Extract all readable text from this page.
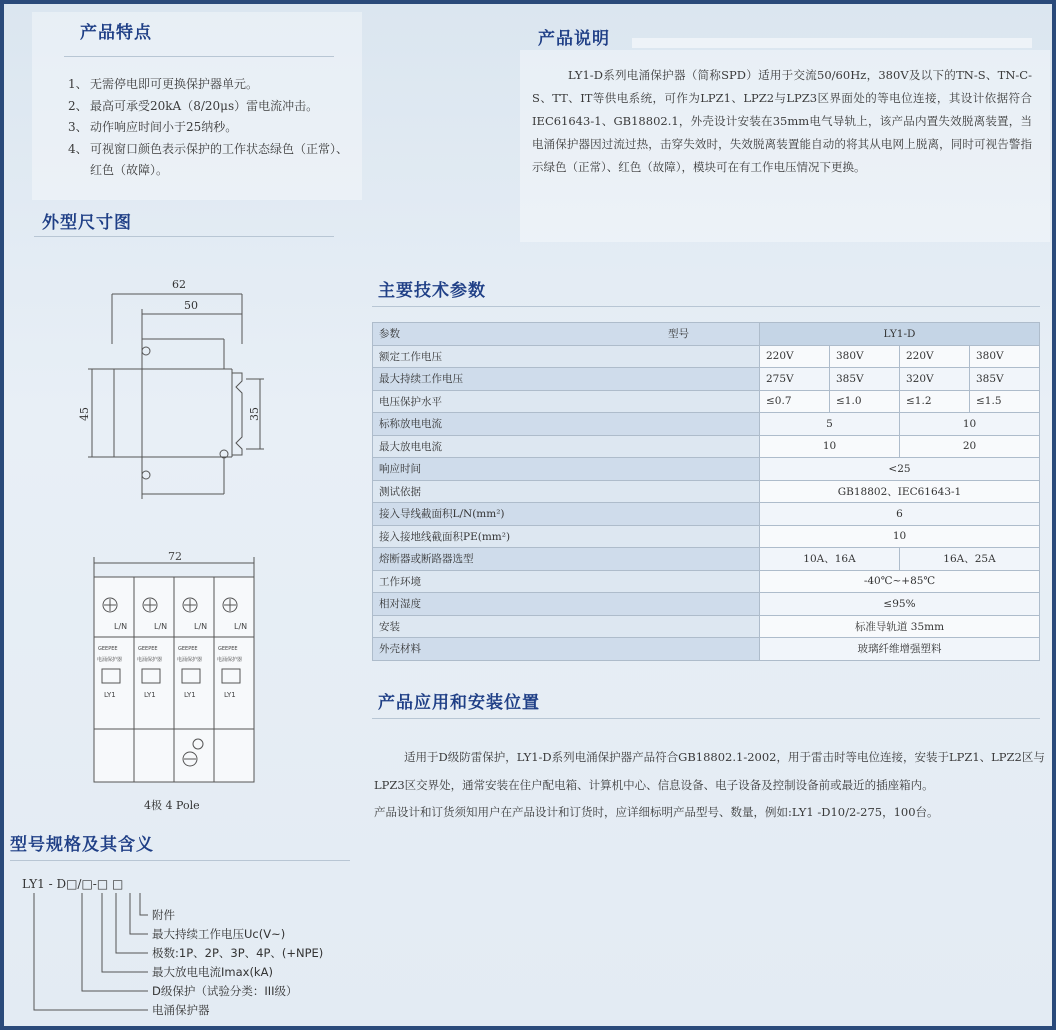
产品特点
1、 无需停电即可更换保护器单元。
2、 最高可承受20kA（8/20μs）雷电流冲击。
3、 动作响应时间小于25纳秒。
4、 可视窗口颜色表示保护的工作状态绿色（正常）、红色（故障）。
产品说明
LY1-D系列电涌保护器（简称SPD）适用于交流50/60Hz，380V及以下的TN-S、TN-C-S、TT、IT等供电系统，可作为LPZ1、LPZ2与LPZ3区界面处的等电位连接，其设计依据符合IEC61643-1、GB18802.1，外壳设计安装在35mm电气导轨上，该产品内置失效脱离装置，当电涌保护器因过流过热，击穿失效时，失效脱离装置能自动的将其从电网上脱离，同时可视告警指示绿色（正常）、红色（故障），模块可在有工作电压情况下更换。
外型尺寸图
62
50
45	35
72
L/N	L/N	L/N	L/N
GEEPEE	GEEPEE	GEEPEE	GEEPEE
电涌保护器	电涌保护器	电涌保护器	电涌保护器
LY1	LY1	LY1	LY1
4极 4 Pole
主要技术参数
参数 型号	LY1-D			
额定工作电压	220V	380V	220V	380V
最大持续工作电压	275V	385V	320V	385V
电压保护水平	≤0.7	≤1.0	≤1.2	≤1.5
标称放电电流	5		10	
最大放电电流	10		20	
响应时间	<25			
测试依据	GB18802、IEC61643-1			
接入导线截面积L/N(mm²)	6			
接入接地线截面积PE(mm²)	10			
熔断器或断路器选型	10A、16A		16A、25A	
工作环境	-40℃~+85℃			
相对湿度	≤95%			
安装	标准导轨道 35mm			
外壳材料	玻璃纤维增强塑料			
产品应用和安装位置

适用于D级防雷保护，LY1-D系列电涌保护器产品符合GB18802.1-2002，用于雷击时等电位连接，安装于LPZ1、LPZ2区与LPZ3区交界处，通常安装在住户配电箱、计算机中心、信息设备、电子设备及控制设备前或最近的插座箱内。

产品设计和订货须知用户在产品设计和订货时，应详细标明产品型号、数量，例如:LY1 -D10/2-275，100台。

型号规格及其含义
LY1 - D□/□-□ □
附件
最大持续工作电压Uc(V~)
极数:1P、2P、3P、4P、(+NPE)
最大放电电流Imax(kA)
D级保护（试验分类：III级）
电涌保护器
